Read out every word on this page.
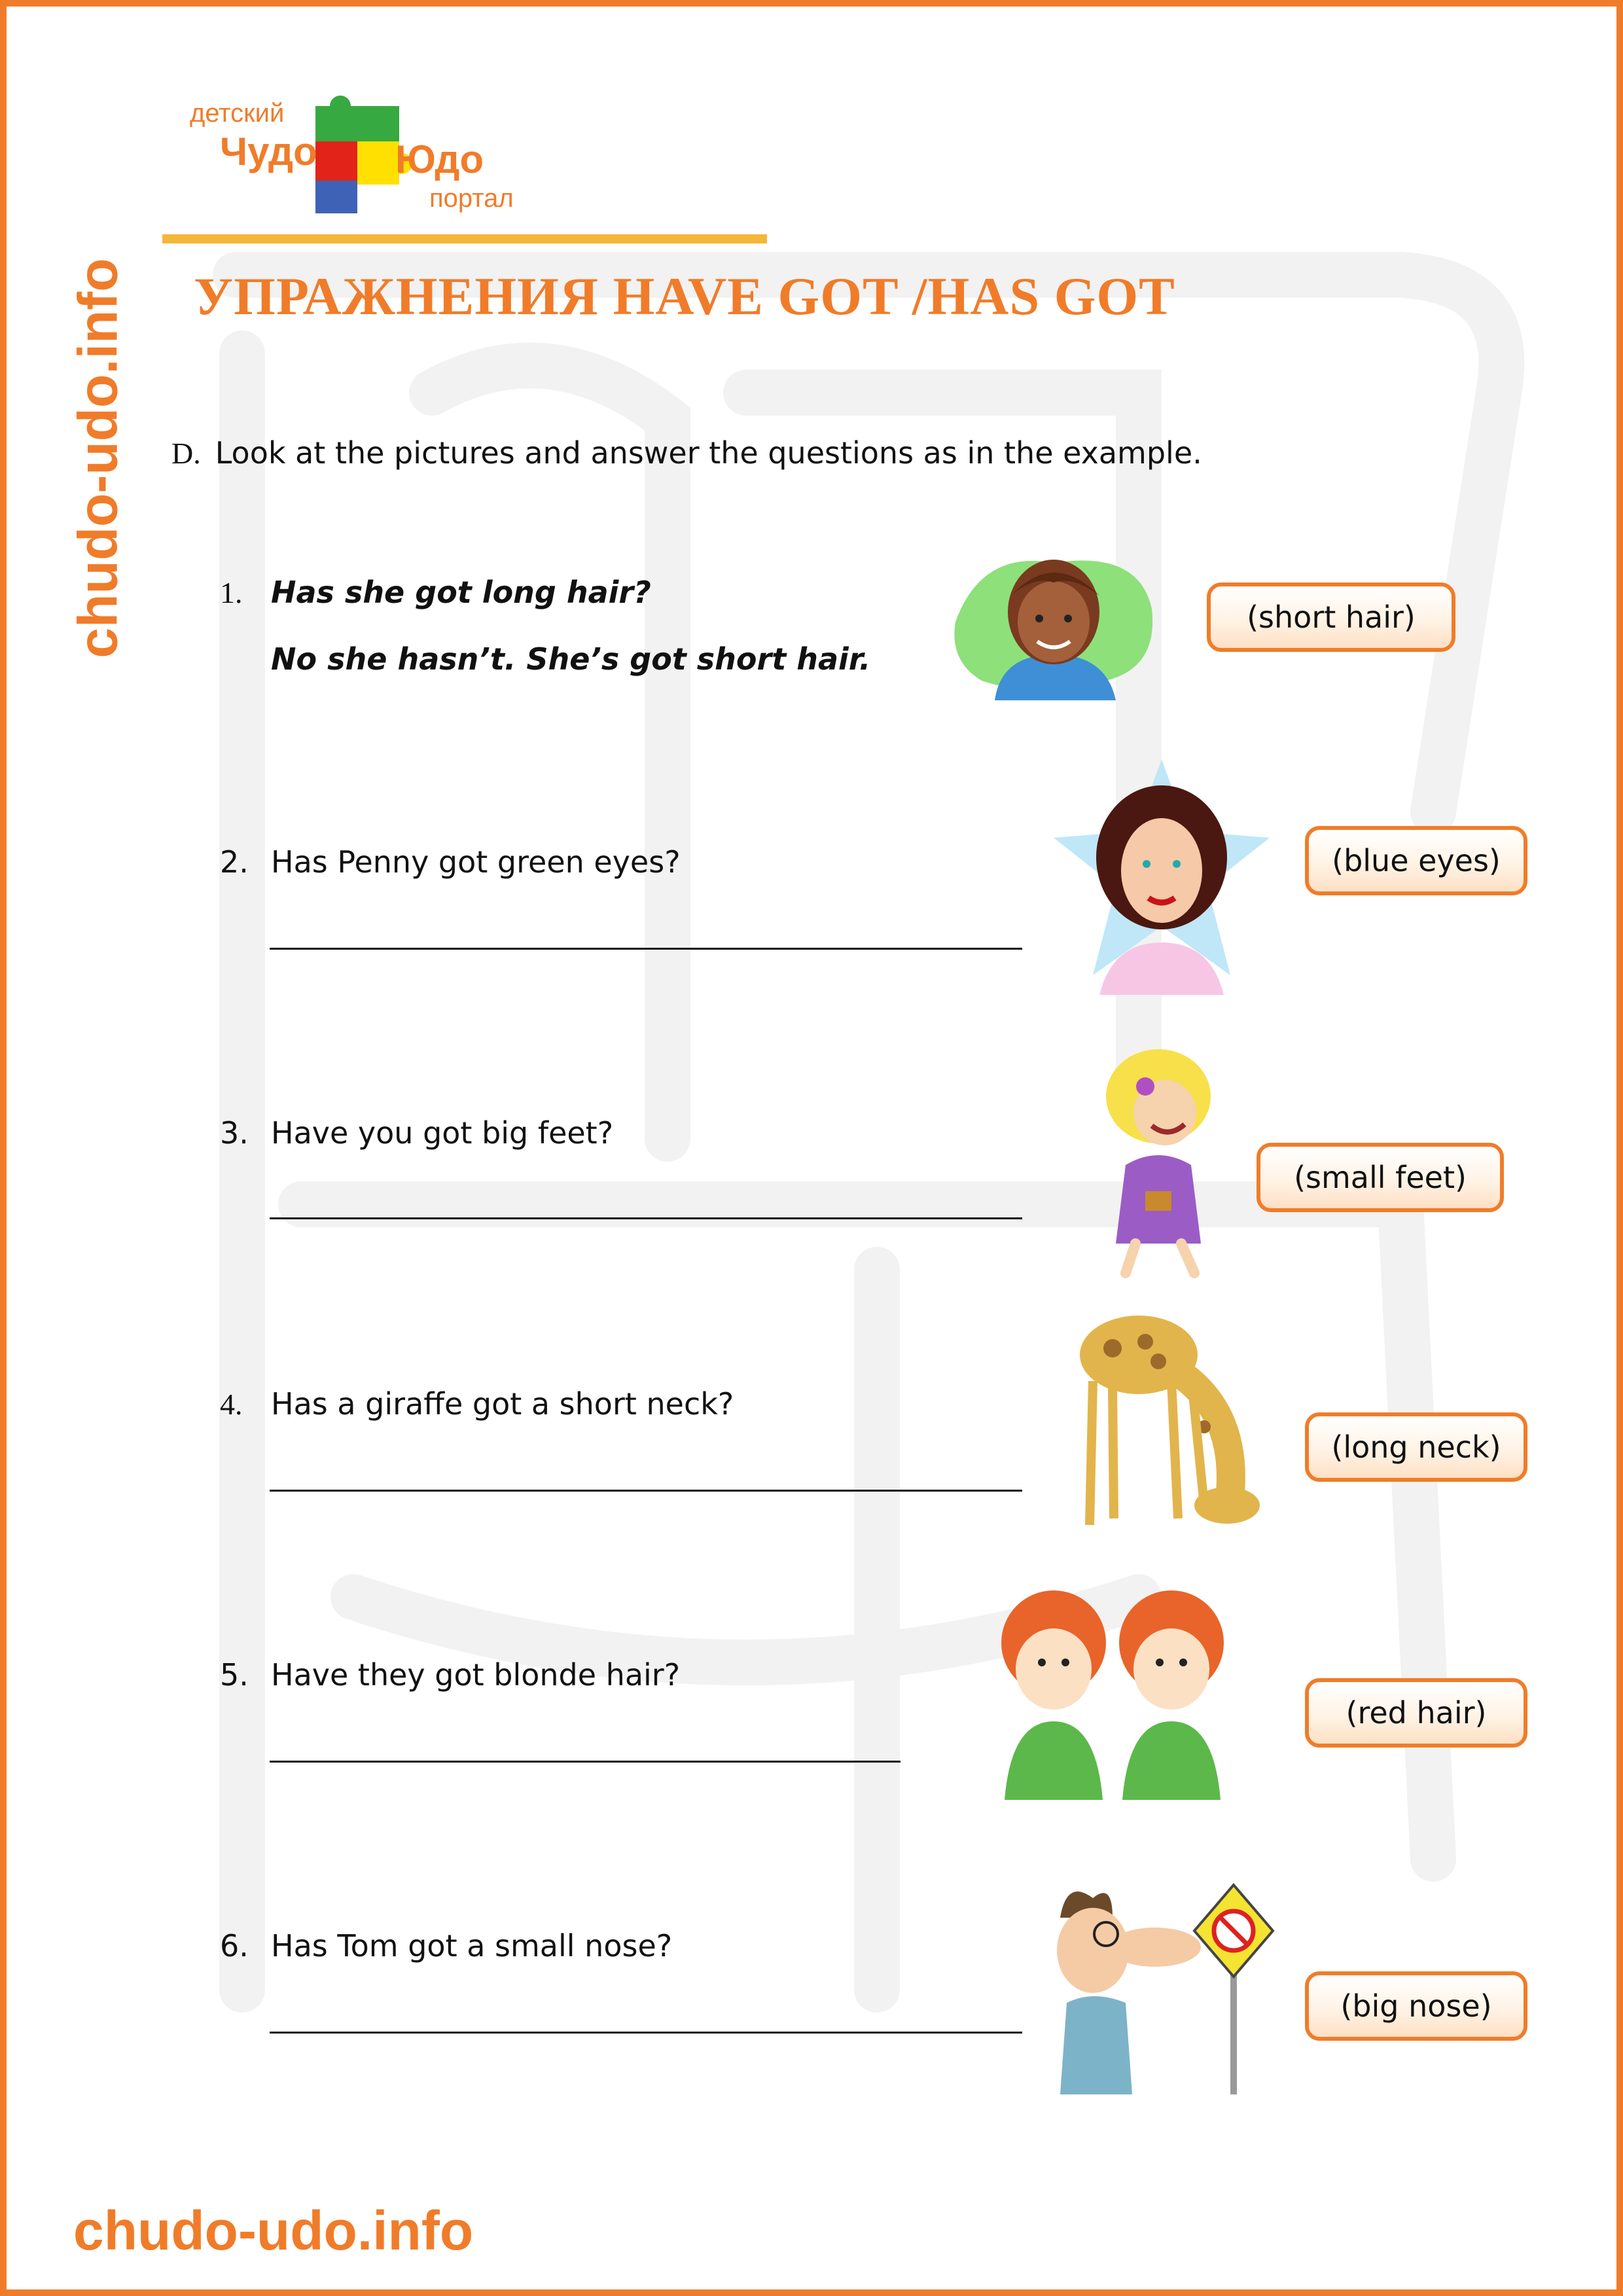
chudo-udo.info
детский
Чудо Юдо
портал
УПРАЖНЕНИЯ HAVE GOT /HAS GOT
D. Look at the pictures and answer the questions as in the example.
1. Has she got long hair?
No she hasn’t. She’s got short hair.
2. Has Penny got green eyes?
3. Have you got big feet?
4. Has a giraffe got a short neck?
5. Have they got blonde hair?
6. Has Tom got a small nose?
(short hair)
(blue eyes)
(small feet)
(long neck)
(red hair)
(big nose)
chudo-udo.info
